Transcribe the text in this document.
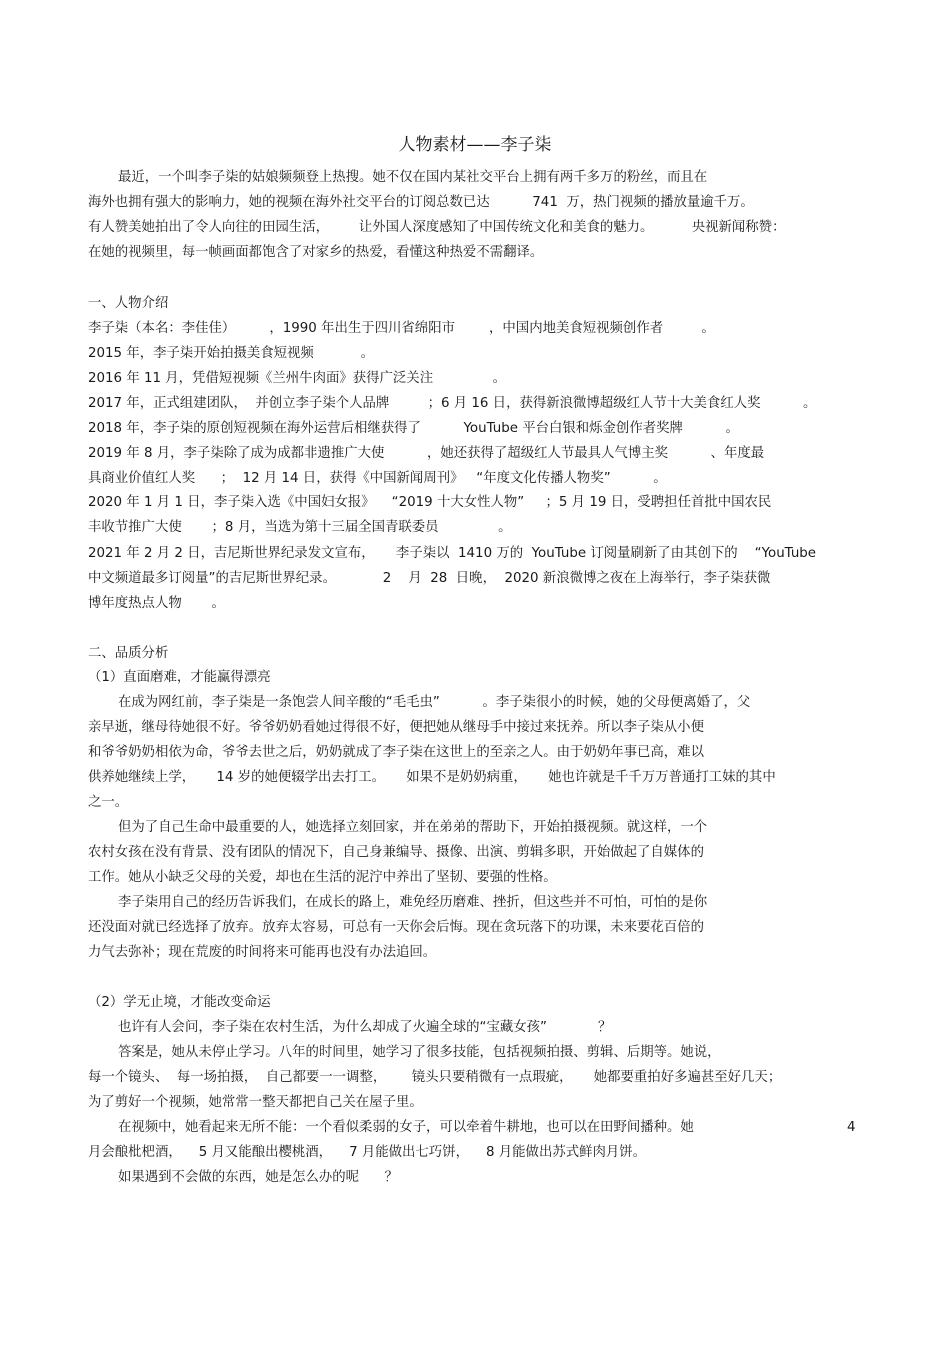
人物素材——李子柒
最近，一个叫李子柒的姑娘频频登上热搜。她不仅在国内某社交平台上拥有两千多万的粉丝，而且在
海外也拥有强大的影响力，她的视频在海外社交平台的订阅总数已达          741  万，热门视频的播放量逾千万。
有人赞美她拍出了令人向往的田园生活，       让外国人深度感知了中国传统文化和美食的魅力。         央视新闻称赞：
在她的视频里，每一帧画面都饱含了对家乡的热爱，看懂这种热爱不需翻译。
一、人物介绍
李子柒（本名：李佳佳）        ，1990 年出生于四川省绵阳市        ，中国内地美食短视频创作者         。
2015 年，李子柒开始拍摄美食短视频           。
2016 年 11 月，凭借短视频《兰州牛肉面》获得广泛关注              。
2017 年，正式组建团队，  并创立李子柒个人品牌         ；6 月 16 日，获得新浪微博超级红人节十大美食红人奖          。
2018 年，李子柒的原创短视频在海外运营后相继获得了          YouTube 平台白银和烁金创作者奖牌          。
2019 年 8 月，李子柒除了成为成都非遗推广大使          ，她还获得了超级红人节最具人气博主奖          、年度最
具商业价值红人奖      ；  12 月 14 日，获得《中国新闻周刊》   “年度文化传播人物奖”          。
2020 年 1 月 1 日，李子柒入选《中国妇女报》    “2019 十大女性人物”     ；5 月 19 日，受聘担任首批中国农民
丰收节推广大使       ；8 月，当选为第十三届全国青联委员              。
2021 年 2 月 2 日，吉尼斯世界纪录发文宣布，     李子柒以  1410 万的  YouTube 订阅量刷新了由其创下的    “YouTube
中文频道最多订阅量”的吉尼斯世界纪录。           2    月  28  日晚，  2020 新浪微博之夜在上海举行，李子柒获微
博年度热点人物       。
二、品质分析
（1）直面磨难，才能赢得漂亮
在成为网红前，李子柒是一条饱尝人间辛酸的“毛毛虫”          。李子柒很小的时候，她的父母便离婚了，父
亲早逝，继母待她很不好。爷爷奶奶看她过得很不好，便把她从继母手中接过来抚养。所以李子柒从小便
和爷爷奶奶相依为命，爷爷去世之后，奶奶就成了李子柒在这世上的至亲之人。由于奶奶年事已高，难以
供养她继续上学，     14 岁的她便辍学出去打工。     如果不是奶奶病重，     她也许就是千千万万普通打工妹的其中
之一。
但为了自己生命中最重要的人，她选择立刻回家，并在弟弟的帮助下，开始拍摄视频。就这样，一个
农村女孩在没有背景、没有团队的情况下，自己身兼编导、摄像、出演、剪辑多职，开始做起了自媒体的
工作。她从小缺乏父母的关爱，却也在生活的泥泞中养出了坚韧、要强的性格。
李子柒用自己的经历告诉我们，在成长的路上，难免经历磨难、挫折，但这些并不可怕，可怕的是你
还没面对就已经选择了放弃。放弃太容易，可总有一天你会后悔。现在贪玩落下的功课，未来要花百倍的
力气去弥补；现在荒废的时间将来可能再也没有办法追回。
（2）学无止境，才能改变命运
也许有人会问，李子柒在农村生活，为什么却成了火遍全球的“宝藏女孩”            ？
答案是，她从未停止学习。八年的时间里，她学习了很多技能，包括视频拍摄、剪辑、后期等。她说，
每一个镜头、  每一场拍摄，  自己都要一一调整，      镜头只要稍微有一点瑕疵，     她都要重拍好多遍甚至好几天；
为了剪好一个视频，她常常一整天都把自己关在屋子里。
在视频中，她看起来无所不能：一个看似柔弱的女子，可以牵着牛耕地，也可以在田野间播种。她                                    4
月会酿枇杷酒，    5 月又能酿出樱桃酒，    7 月能做出七巧饼，    8 月能做出苏式鲜肉月饼。
如果遇到不会做的东西，她是怎么办的呢      ？
